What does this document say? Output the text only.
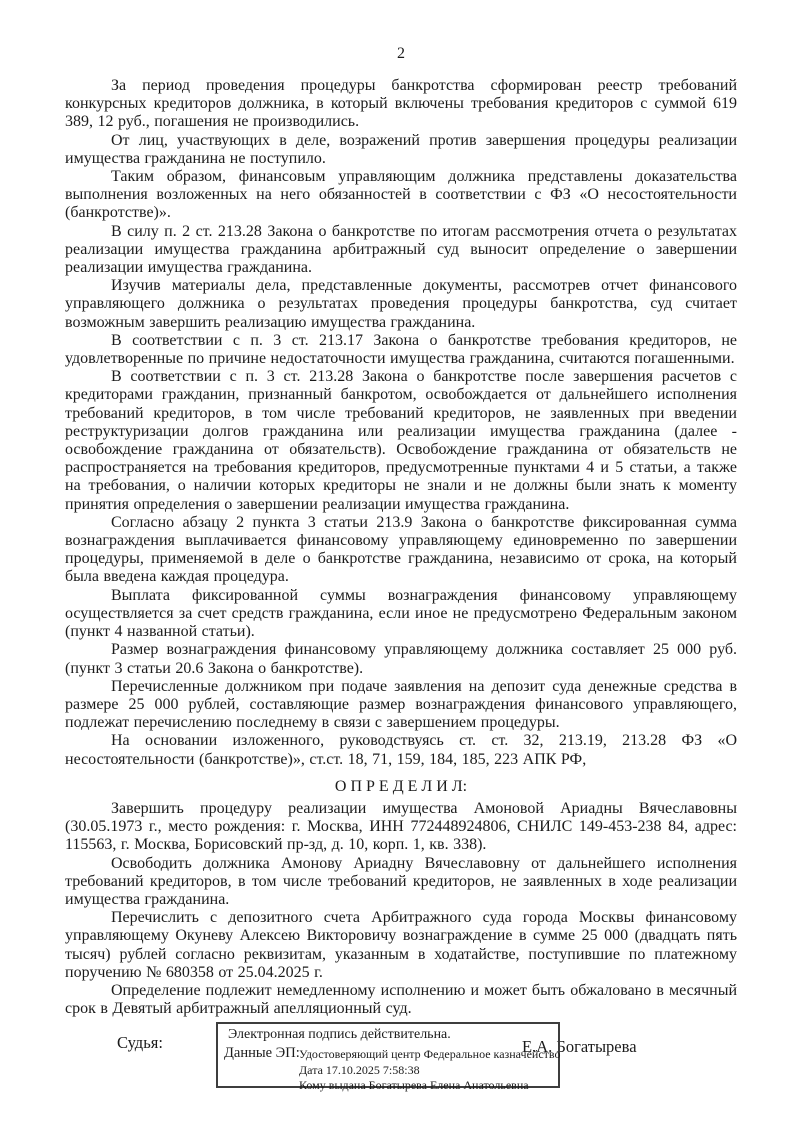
2

За период проведения процедуры банкротства сформирован реестр требований конкурсных кредиторов должника, в который включены требования кредиторов с суммой 619 389, 12 руб., погашения не производились.

От лиц, участвующих в деле, возражений против завершения процедуры реализации имущества гражданина не поступило.

Таким образом, финансовым управляющим должника представлены доказательства выполнения возложенных на него обязанностей в соответствии с ФЗ «О несостоятельности (банкротстве)».

В силу п. 2 ст. 213.28 Закона о банкротстве по итогам рассмотрения отчета о результатах реализации имущества гражданина арбитражный суд выносит определение о завершении реализации имущества гражданина.

Изучив материалы дела, представленные документы, рассмотрев отчет финансового управляющего должника о результатах проведения процедуры банкротства, суд считает возможным завершить реализацию имущества гражданина.

В соответствии с п. 3 ст. 213.17 Закона о банкротстве требования кредиторов, не удовлетворенные по причине недостаточности имущества гражданина, считаются погашенными.

В соответствии с п. 3 ст. 213.28 Закона о банкротстве после завершения расчетов с кредиторами гражданин, признанный банкротом, освобождается от дальнейшего исполнения требований кредиторов, в том числе требований кредиторов, не заявленных при введении реструктуризации долгов гражданина или реализации имущества гражданина (далее - освобождение гражданина от обязательств). Освобождение гражданина от обязательств не распространяется на требования кредиторов, предусмотренные пунктами 4 и 5 статьи, а также на требования, о наличии которых кредиторы не знали и не должны были знать к моменту принятия определения о завершении реализации имущества гражданина.

Согласно абзацу 2 пункта 3 статьи 213.9 Закона о банкротстве фиксированная сумма вознаграждения выплачивается финансовому управляющему единовременно по завершении процедуры, применяемой в деле о банкротстве гражданина, независимо от срока, на который была введена каждая процедура.

Выплата фиксированной суммы вознаграждения финансовому управляющему осуществляется за счет средств гражданина, если иное не предусмотрено Федеральным законом (пункт 4 названной статьи).

Размер вознаграждения финансовому управляющему должника составляет 25 000 руб. (пункт 3 статьи 20.6 Закона о банкротстве).

Перечисленные должником при подаче заявления на депозит суда денежные средства в размере 25 000 рублей, составляющие размер вознаграждения финансового управляющего, подлежат перечислению последнему в связи с завершением процедуры.

На основании изложенного, руководствуясь ст. ст. 32, 213.19, 213.28 ФЗ «О несостоятельности (банкротстве)», ст.ст. 18, 71, 159, 184, 185, 223 АПК РФ,

О П Р Е Д Е Л И Л:

Завершить процедуру реализации имущества Амоновой Ариадны Вячеславовны (30.05.1973 г., место рождения: г. Москва, ИНН 772448924806, СНИЛС 149-453-238 84, адрес: 115563, г. Москва, Борисовский пр-зд, д. 10, корп. 1, кв. 338).

Освободить должника Амонову Ариадну Вячеславовну от дальнейшего исполнения требований кредиторов, в том числе требований кредиторов, не заявленных в ходе реализации имущества гражданина.

Перечислить с депозитного счета Арбитражного суда города Москвы финансовому управляющему Окуневу Алексею Викторовичу вознаграждение в сумме 25 000 (двадцать пять тысяч) рублей согласно реквизитам, указанным в ходатайстве, поступившие по платежному поручению № 680358 от 25.04.2025 г.

Определение подлежит немедленному исполнению и может быть обжаловано в месячный срок в Девятый арбитражный апелляционный суд.

Судья:	Е.А. Богатырева
Электронная подпись действительна.
Данные ЭП: Удостоверяющий центр Федеральное казначейство
Дата 17.10.2025 7:58:38
Кому выдана Богатырева Елена Анатольевна
